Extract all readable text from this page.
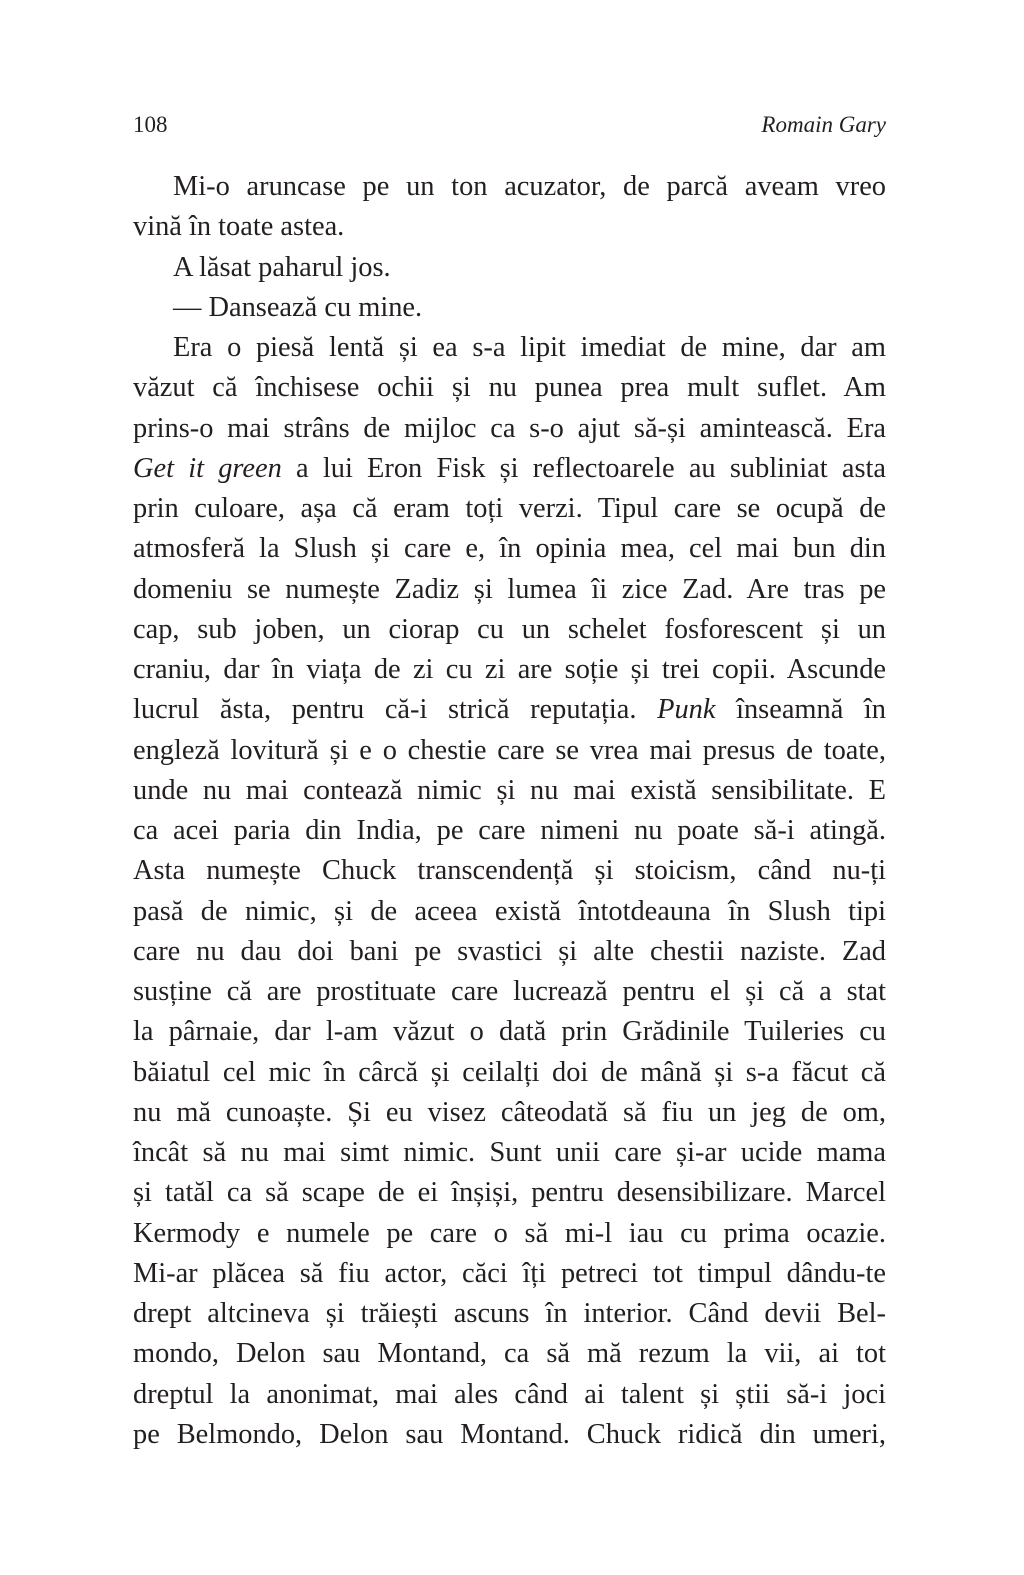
108	Romain Gary
Mi-o aruncase pe un ton acuzator, de parcă aveam vreo
vină în toate astea.
A lăsat paharul jos.
— Dansează cu mine.
Era o piesă lentă și ea s-a lipit imediat de mine, dar am
văzut că închisese ochii și nu punea prea mult suflet. Am
prins-o mai strâns de mijloc ca s-o ajut să-și amintească. Era
Get it green a lui Eron Fisk și reflectoarele au subliniat asta
prin culoare, așa că eram toți verzi. Tipul care se ocupă de
atmosferă la Slush și care e, în opinia mea, cel mai bun din
domeniu se numește Zadiz și lumea îi zice Zad. Are tras pe
cap, sub joben, un ciorap cu un schelet fosforescent și un
craniu, dar în viața de zi cu zi are soție și trei copii. Ascunde
lucrul ăsta, pentru că-i strică reputația. Punk înseamnă în
engleză lovitură și e o chestie care se vrea mai presus de toate,
unde nu mai contează nimic și nu mai există sensibilitate. E
ca acei paria din India, pe care nimeni nu poate să-i atingă.
Asta numește Chuck transcendență și stoicism, când nu-ți
pasă de nimic, și de aceea există întotdeauna în Slush tipi
care nu dau doi bani pe svastici și alte chestii naziste. Zad
susține că are prostituate care lucrează pentru el și că a stat
la pârnaie, dar l-am văzut o dată prin Grădinile Tuileries cu
băiatul cel mic în cârcă și ceilalți doi de mână și s-a făcut că
nu mă cunoaște. Și eu visez câteodată să fiu un jeg de om,
încât să nu mai simt nimic. Sunt unii care și-ar ucide mama
și tatăl ca să scape de ei înșiși, pentru desensibilizare. Marcel
Kermody e numele pe care o să mi-l iau cu prima ocazie.
Mi-ar plăcea să fiu actor, căci îți petreci tot timpul dându-te
drept altcineva și trăiești ascuns în interior. Când devii Bel-
mondo, Delon sau Montand, ca să mă rezum la vii, ai tot
dreptul la anonimat, mai ales când ai talent și știi să-i joci
pe Belmondo, Delon sau Montand. Chuck ridică din umeri,
